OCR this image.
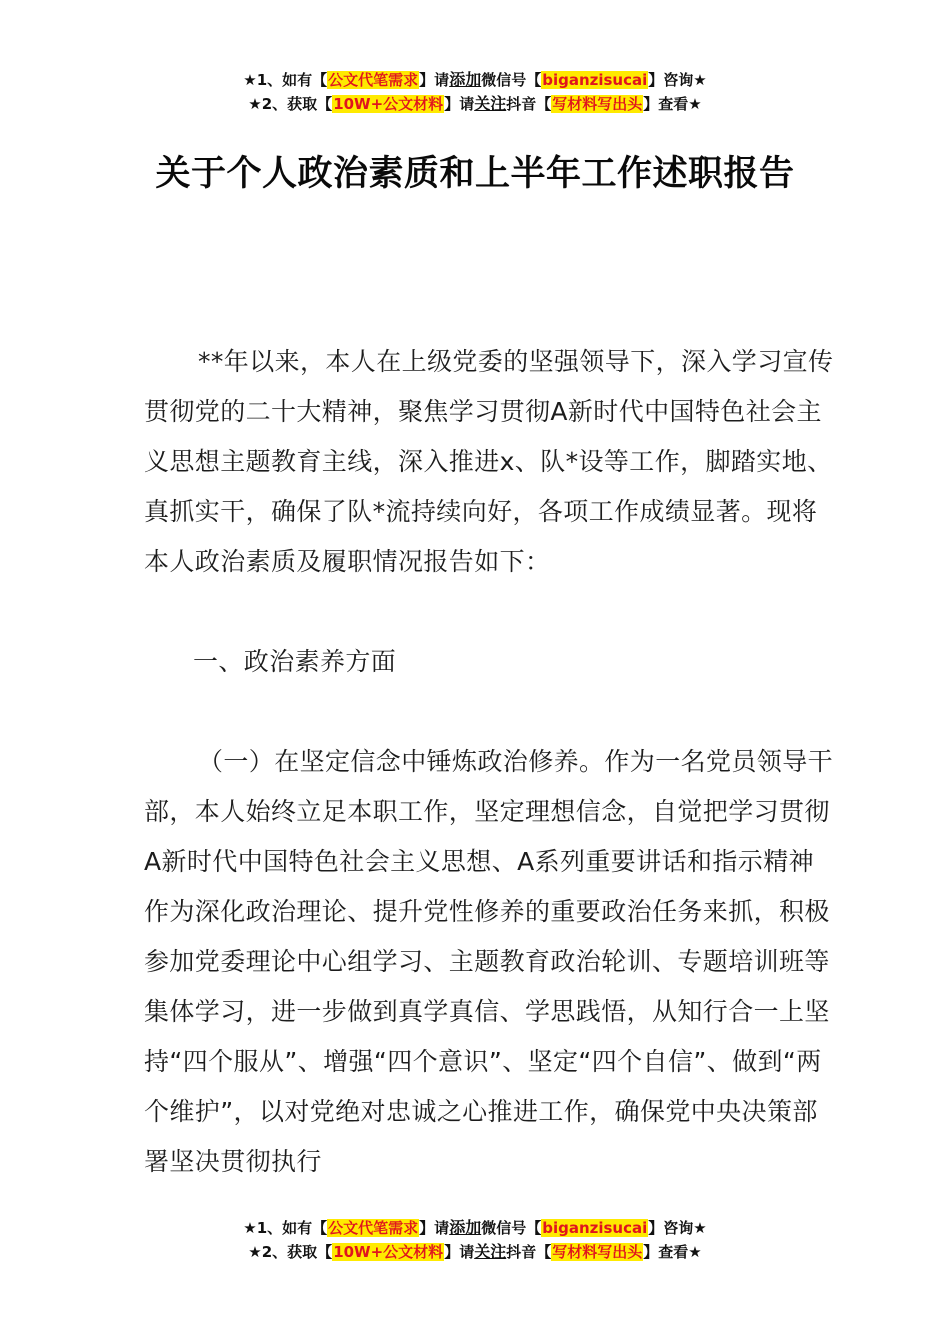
★1、如有【公文代笔需求】请添加微信号【biganzisucai】咨询★
★2、获取【10W+公文材料】请关注抖音【写材料写出头】查看★
关于个人政治素质和上半年工作述职报告

**年以来，本人在上级党委的坚强领导下，深入学习宣传贯彻党的二十大精神，聚焦学习贯彻A新时代中国特色社会主义思想主题教育主线，深入推进x、队*设等工作，脚踏实地、真抓实干，确保了队*流持续向好，各项工作成绩显著。现将本人政治素质及履职情况报告如下：

一、政治素养方面

（一）在坚定信念中锤炼政治修养。作为一名党员领导干部，本人始终立足本职工作，坚定理想信念，自觉把学习贯彻A新时代中国特色社会主义思想、A系列重要讲话和指示精神作为深化政治理论、提升党性修养的重要政治任务来抓，积极参加党委理论中心组学习、主题教育政治轮训、专题培训班等集体学习，进一步做到真学真信、学思践悟，从知行合一上坚持“四个服从”、增强“四个意识”、坚定“四个自信”、做到“两个维护”，以对党绝对忠诚之心推进工作，确保党中央决策部署坚决贯彻执行

★1、如有【公文代笔需求】请添加微信号【biganzisucai】咨询★
★2、获取【10W+公文材料】请关注抖音【写材料写出头】查看★
